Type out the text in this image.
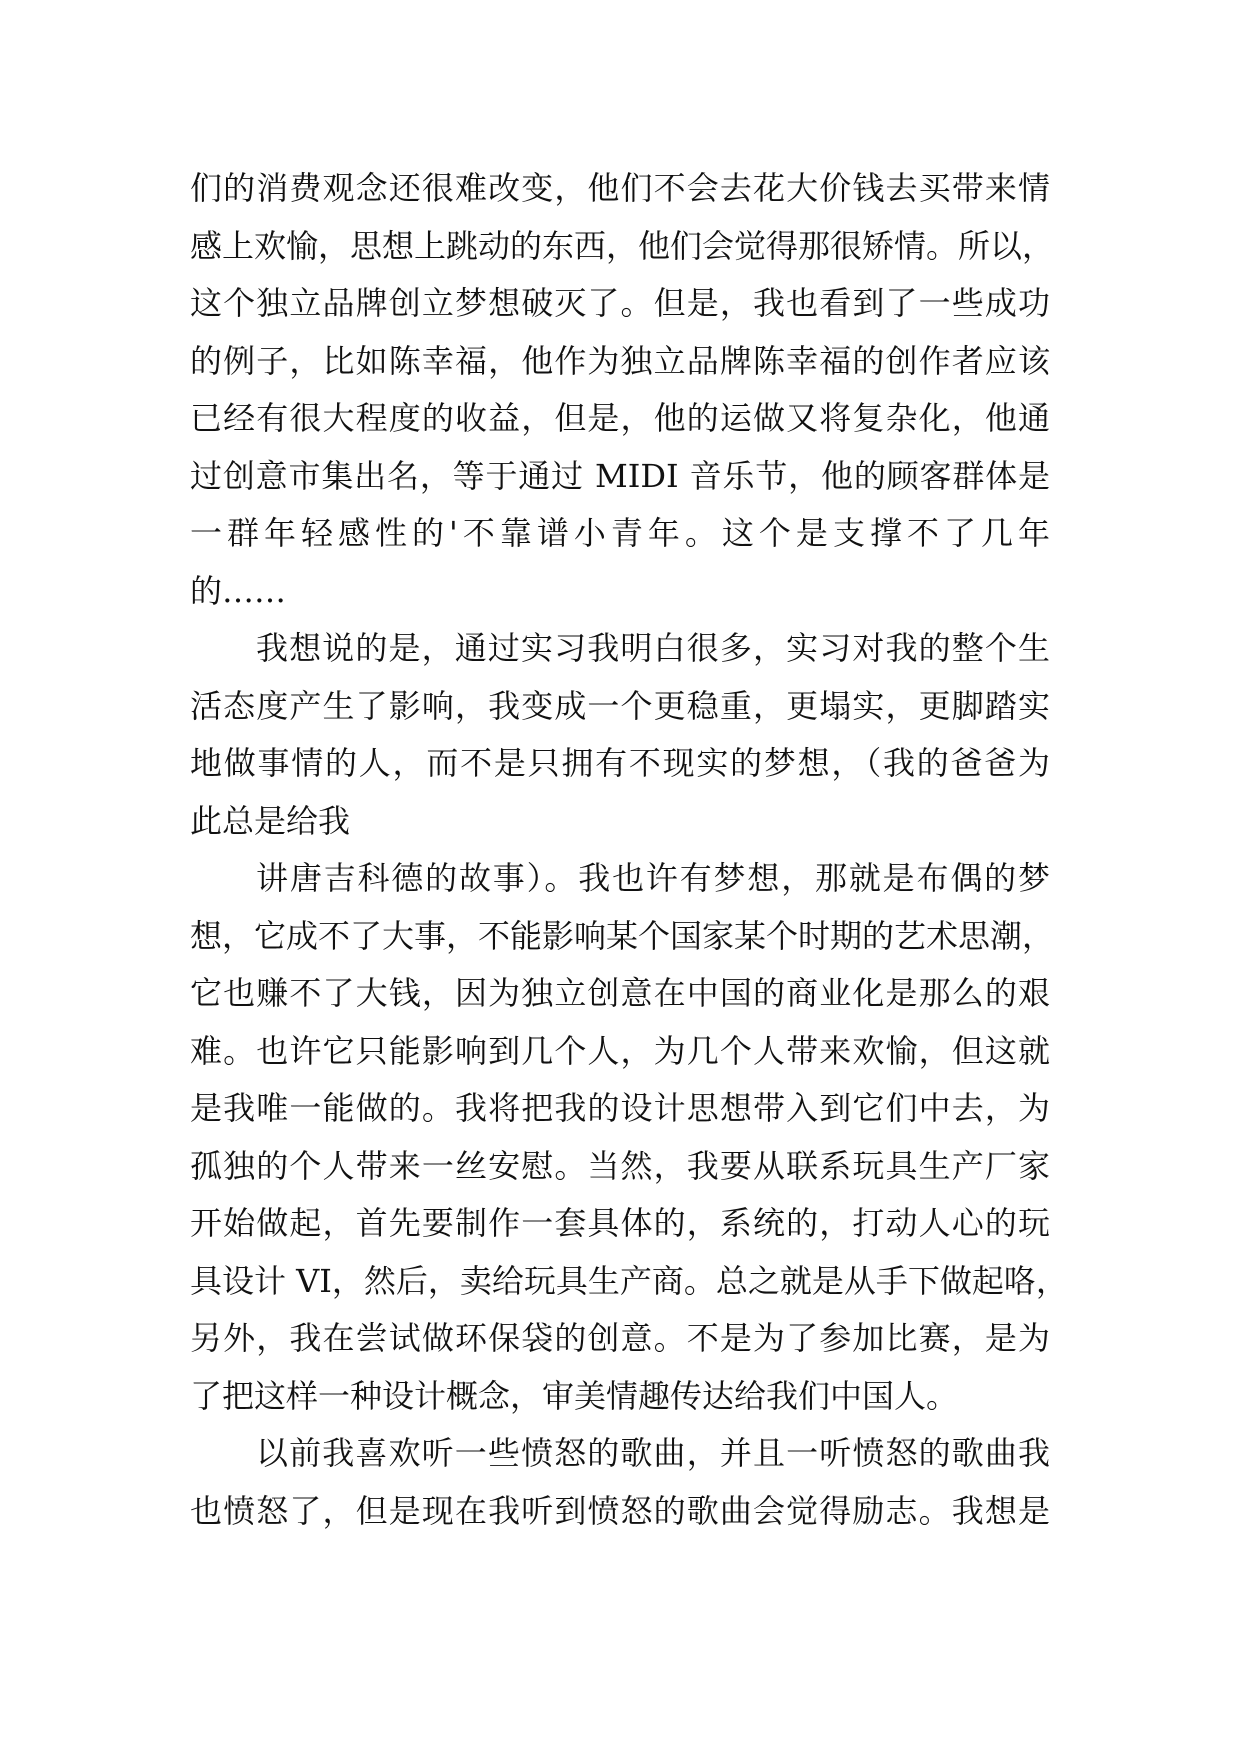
们的消费观念还很难改变，他们不会去花大价钱去买带来情
感上欢愉，思想上跳动的东西，他们会觉得那很矫情。所以，
这个独立品牌创立梦想破灭了。但是，我也看到了一些成功
的例子，比如陈幸福，他作为独立品牌陈幸福的创作者应该
已经有很大程度的收益，但是，他的运做又将复杂化，他通
过创意市集出名，等于通过 MIDI 音乐节，他的顾客群体是
一群年轻感性的'不靠谱小青年。这个是支撑不了几年
的……
我想说的是，通过实习我明白很多，实习对我的整个生
活态度产生了影响，我变成一个更稳重，更塌实，更脚踏实
地做事情的人，而不是只拥有不现实的梦想，（我的爸爸为
此总是给我
讲唐吉科德的故事）。我也许有梦想，那就是布偶的梦
想，它成不了大事，不能影响某个国家某个时期的艺术思潮，
它也赚不了大钱，因为独立创意在中国的商业化是那么的艰
难。也许它只能影响到几个人，为几个人带来欢愉，但这就
是我唯一能做的。我将把我的设计思想带入到它们中去，为
孤独的个人带来一丝安慰。当然，我要从联系玩具生产厂家
开始做起，首先要制作一套具体的，系统的，打动人心的玩
具设计 VI，然后，卖给玩具生产商。总之就是从手下做起咯，
另外，我在尝试做环保袋的创意。不是为了参加比赛，是为
了把这样一种设计概念，审美情趣传达给我们中国人。
以前我喜欢听一些愤怒的歌曲，并且一听愤怒的歌曲我
也愤怒了，但是现在我听到愤怒的歌曲会觉得励志。我想是
